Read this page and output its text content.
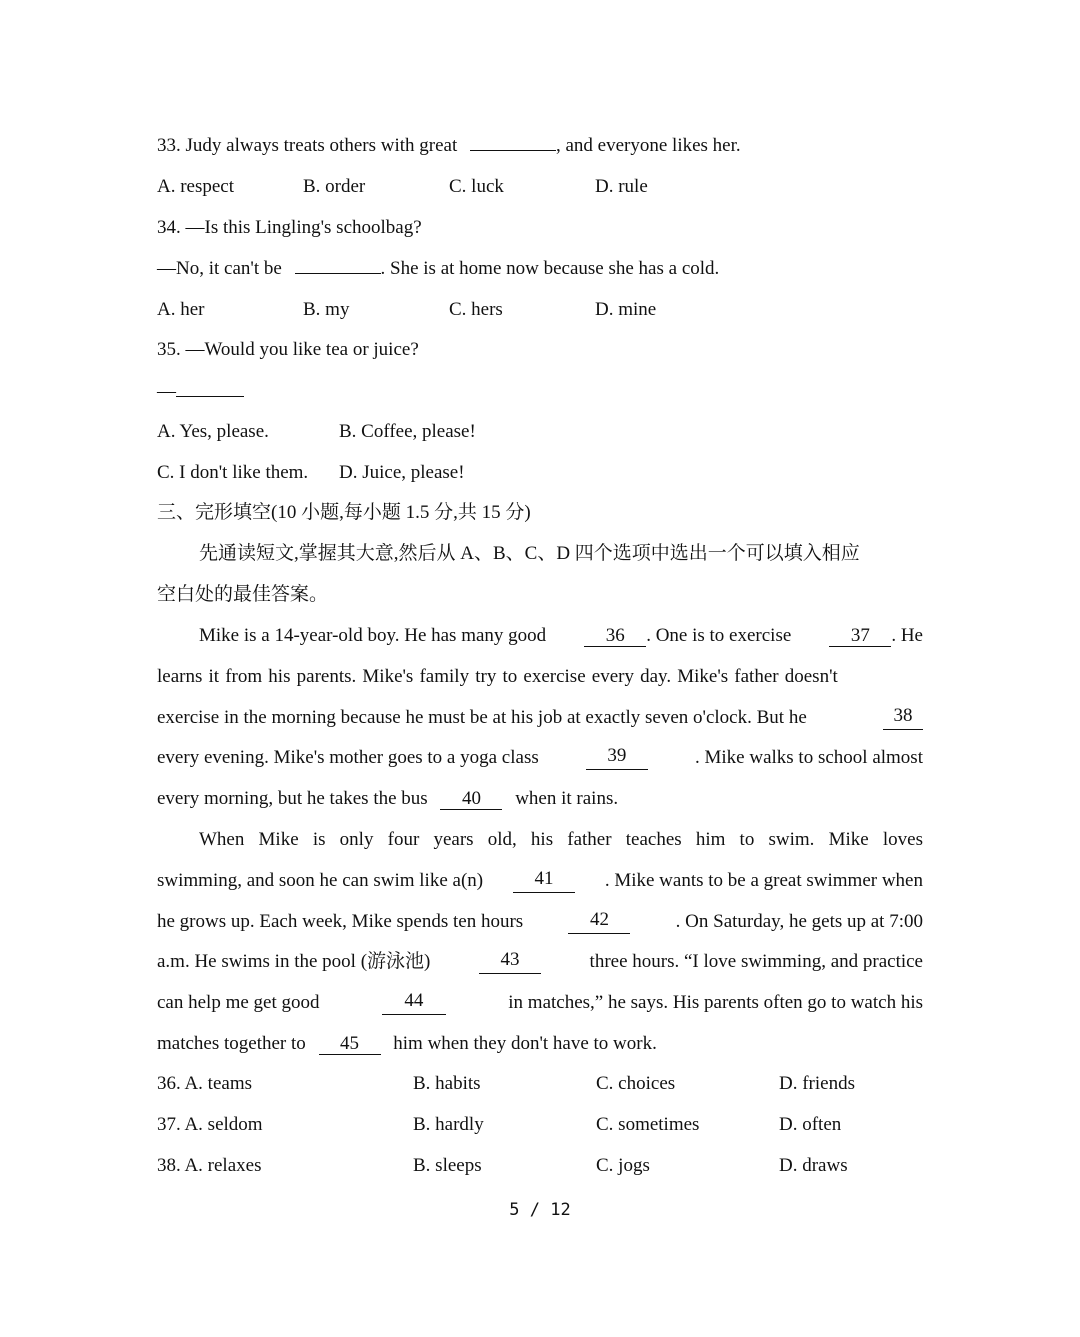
33. Judy always treats others with great	, and everyone likes her.
A. respect	B. order	C. luck	D. rule
34. —Is this Lingling's schoolbag?
—No, it can't be	. She is at home now because she has a cold.
A. her	B. my	C. hers	D. mine
35. —Would you like tea or juice?
—
A. Yes, please.	B. Coffee, please!
C. I don't like them.	D. Juice, please!
三、完形填空(10 小题,每小题 1.5 分,共 15 分)
先通读短文,掌握其大意,然后从 A、B、C、D 四个选项中选出一个可以填入相应
空白处的最佳答案。
Mike is a 14-year-old boy. He has many good	36 . One is to exercise	37 . He
learns it from his parents. Mike's family try to exercise every day. Mike's father doesn't
exercise in the morning because he must be at his job at exactly seven o'clock. But he	38
every evening. Mike's mother goes to a yoga class	39	. Mike walks to school almost
every morning, but he takes the bus 40 when it rains.
When Mike is only four years old, his father teaches him to swim. Mike loves
swimming, and soon he can swim like a(n)	41	. Mike wants to be a great swimmer when
he grows up. Each week, Mike spends ten hours	42	. On Saturday, he gets up at 7:00
a.m. He swims in the pool (游泳池)	43	three hours. “I love swimming, and practice
can help me get good	44	in matches,” he says. His parents often go to watch his
matches together to 45 him when they don't have to work.
36. A. teams	B. habits	C. choices	D. friends
37. A. seldom	B. hardly	C. sometimes	D. often
38. A. relaxes	B. sleeps	C. jogs	D. draws
5 / 12
